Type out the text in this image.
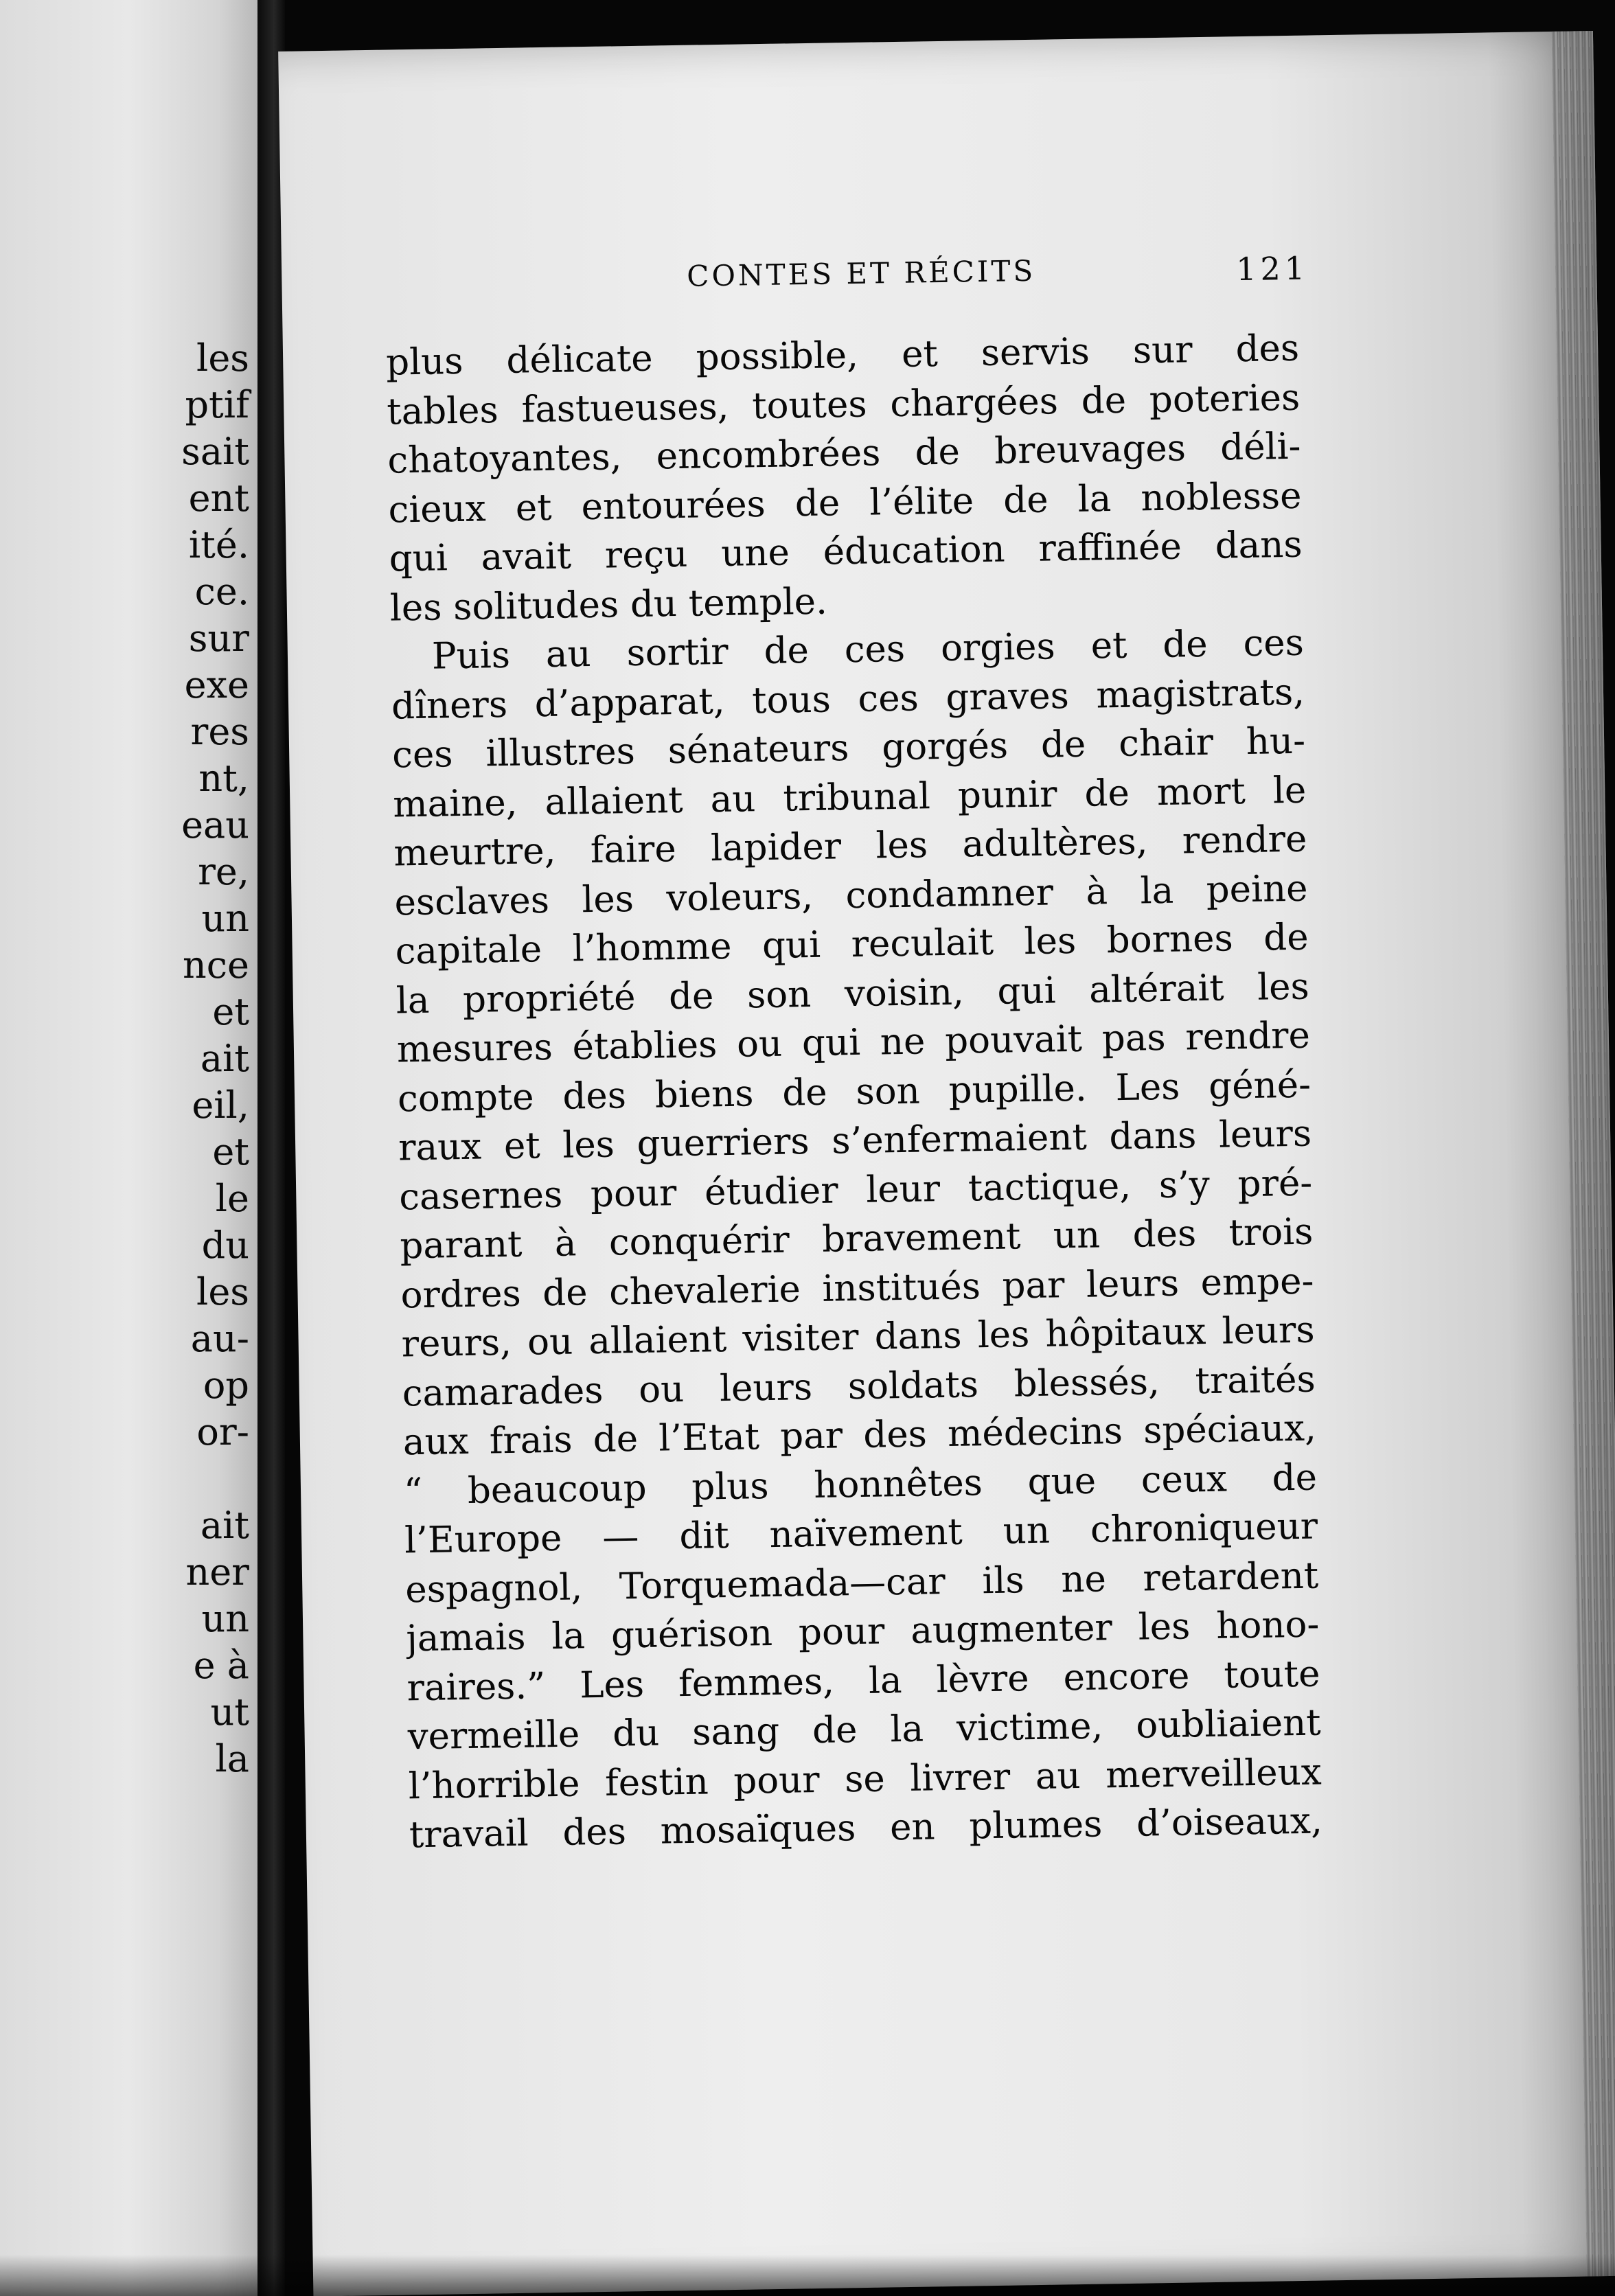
les
ptif
sait
ent
ité.
ce.
sur
exe
res
nt,
eau
re,
un
nce
et
ait
eil,
et
le
du
les
au-
op
or-
ait
ner
un
e à
ut
la
CONTES ET RÉCITS	121
plus délicate possible, et servis sur des
tables fastueuses, toutes chargées de poteries
chatoyantes, encombrées de breuvages déli-
cieux et entourées de l’élite de la noblesse
qui avait reçu une éducation raffinée dans
les solitudes du temple.
Puis au sortir de ces orgies et de ces
dîners d’apparat, tous ces graves magistrats,
ces illustres sénateurs gorgés de chair hu-
maine, allaient au tribunal punir de mort le
meurtre, faire lapider les adultères, rendre
esclaves les voleurs, condamner à la peine
capitale l’homme qui reculait les bornes de
la propriété de son voisin, qui altérait les
mesures établies ou qui ne pouvait pas rendre
compte des biens de son pupille. Les géné-
raux et les guerriers s’enfermaient dans leurs
casernes pour étudier leur tactique, s’y pré-
parant à conquérir bravement un des trois
ordres de chevalerie institués par leurs empe-
reurs, ou allaient visiter dans les hôpitaux leurs
camarades ou leurs soldats blessés, traités
aux frais de l’Etat par des médecins spéciaux,
“ beaucoup plus honnêtes que ceux de
l’Europe — dit naïvement un chroniqueur
espagnol, Torquemada—car ils ne retardent
jamais la guérison pour augmenter les hono-
raires.” Les femmes, la lèvre encore toute
vermeille du sang de la victime, oubliaient
l’horrible festin pour se livrer au merveilleux
travail des mosaïques en plumes d’oiseaux,
